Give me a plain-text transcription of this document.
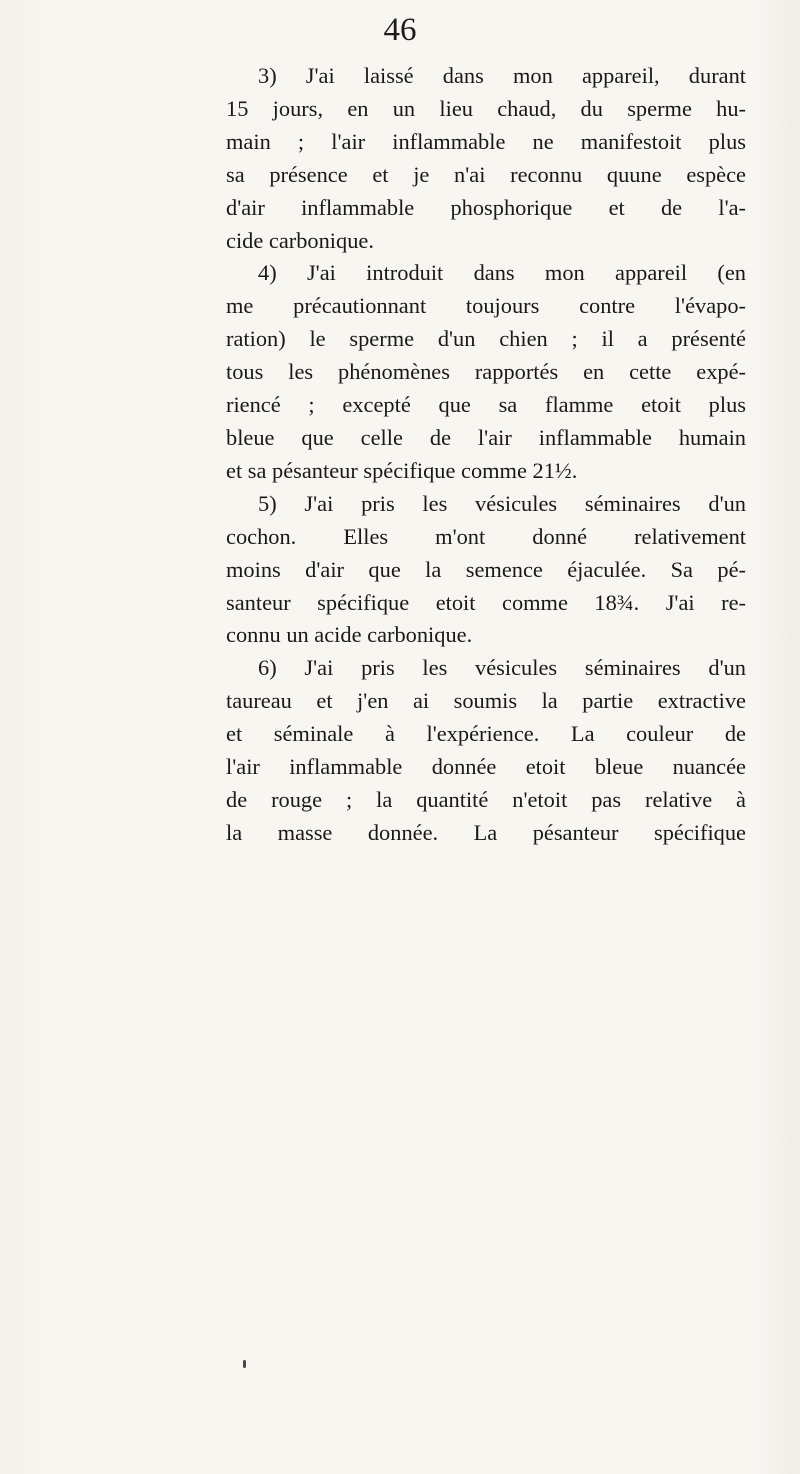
46
3) J'ai laissé dans mon appareil, durant
15 jours, en un lieu chaud, du sperme hu-
main ; l'air inflammable ne manifestoit plus
sa présence et je n'ai reconnu quune espèce
d'air inflammable phosphorique et de l'a-
cide carbonique.
4) J'ai introduit dans mon appareil (en
me précautionnant toujours contre l'évapo-
ration) le sperme d'un chien ; il a présenté
tous les phénomènes rapportés en cette expé-
riencé ; excepté que sa flamme etoit plus
bleue que celle de l'air inflammable humain
et sa pésanteur spécifique comme 21½.
5) J'ai pris les vésicules séminaires d'un
cochon. Elles m'ont donné relativement
moins d'air que la semence éjaculée. Sa pé-
santeur spécifique etoit comme 18¾. J'ai re-
connu un acide carbonique.
6) J'ai pris les vésicules séminaires d'un
taureau et j'en ai soumis la partie extractive
et séminale à l'expérience. La couleur de
l'air inflammable donnée etoit bleue nuancée
de rouge ; la quantité n'etoit pas relative à
la masse donnée. La pésanteur spécifique
